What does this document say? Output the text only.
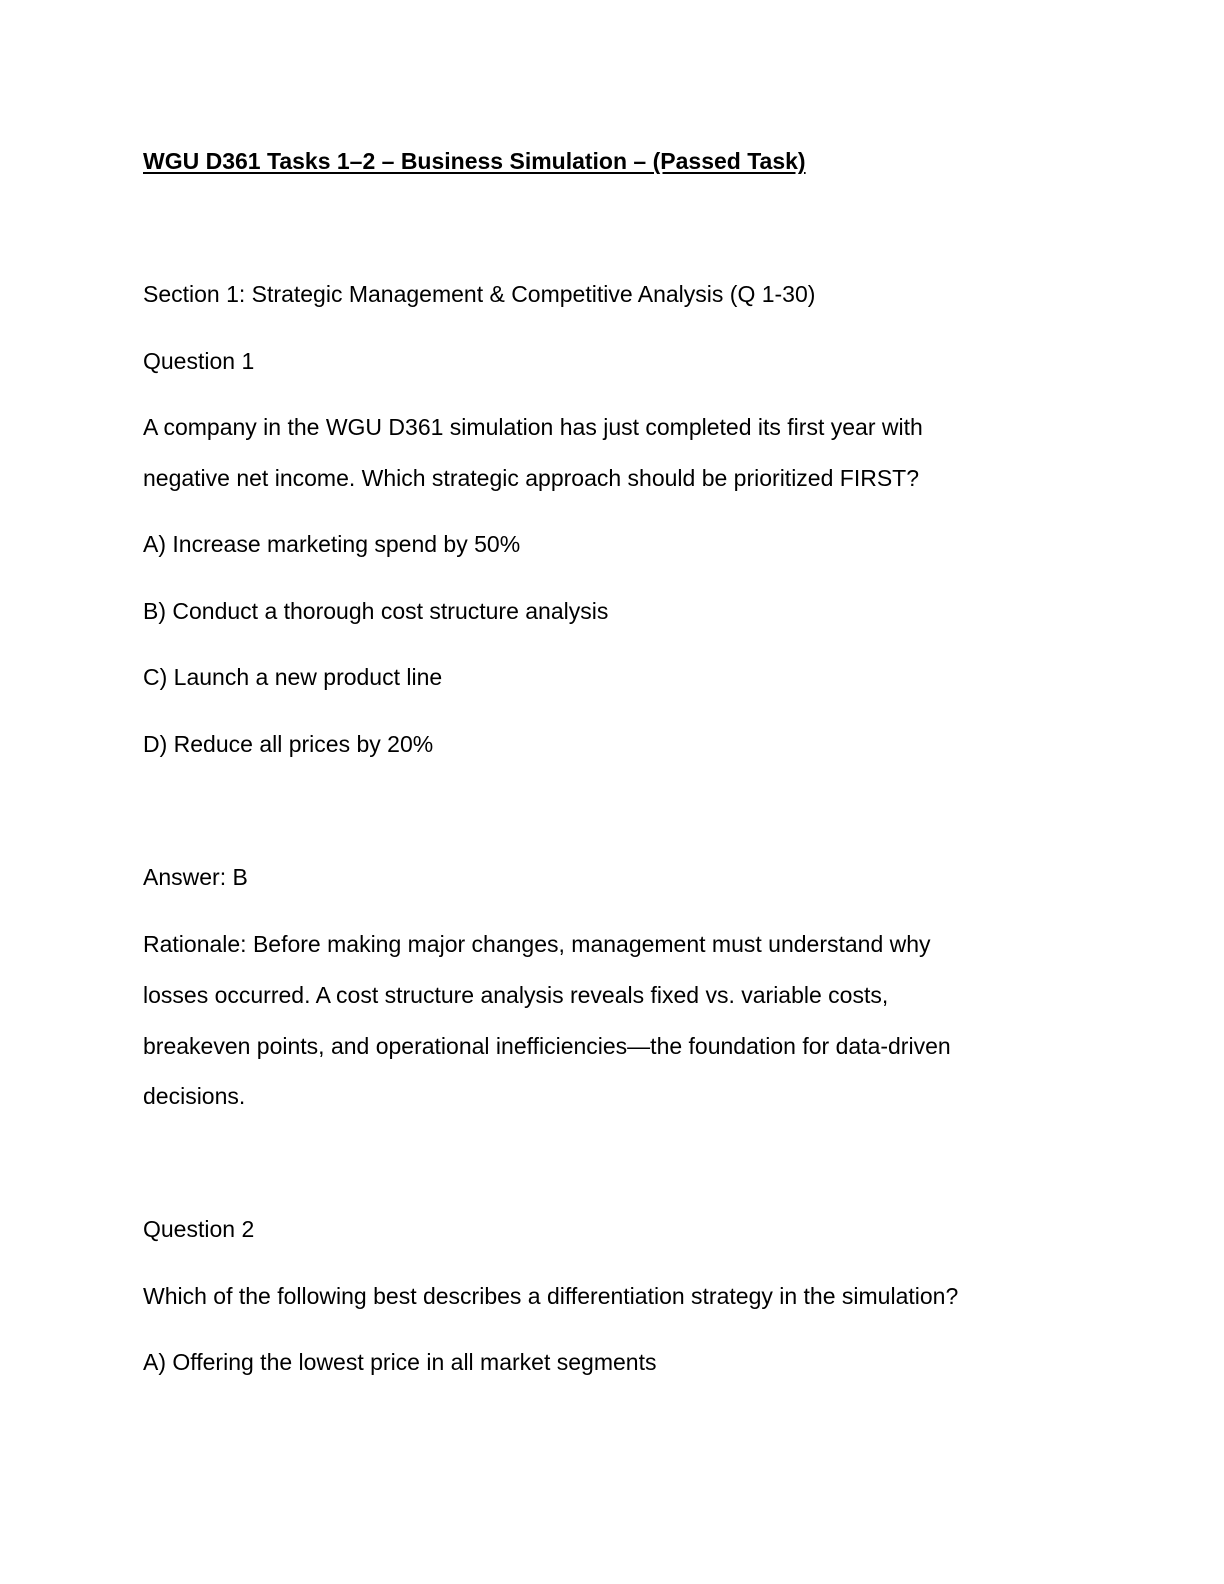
WGU D361 Tasks 1–2 – Business Simulation – (Passed Task)

Section 1: Strategic Management & Competitive Analysis (Q 1-30)

Question 1

A company in the WGU D361 simulation has just completed its first year with

negative net income. Which strategic approach should be prioritized FIRST?

A) Increase marketing spend by 50%

B) Conduct a thorough cost structure analysis

C) Launch a new product line

D) Reduce all prices by 20%

Answer: B

Rationale: Before making major changes, management must understand why

losses occurred. A cost structure analysis reveals fixed vs. variable costs,

breakeven points, and operational inefficiencies—the foundation for data-driven

decisions.

Question 2

Which of the following best describes a differentiation strategy in the simulation?

A) Offering the lowest price in all market segments
